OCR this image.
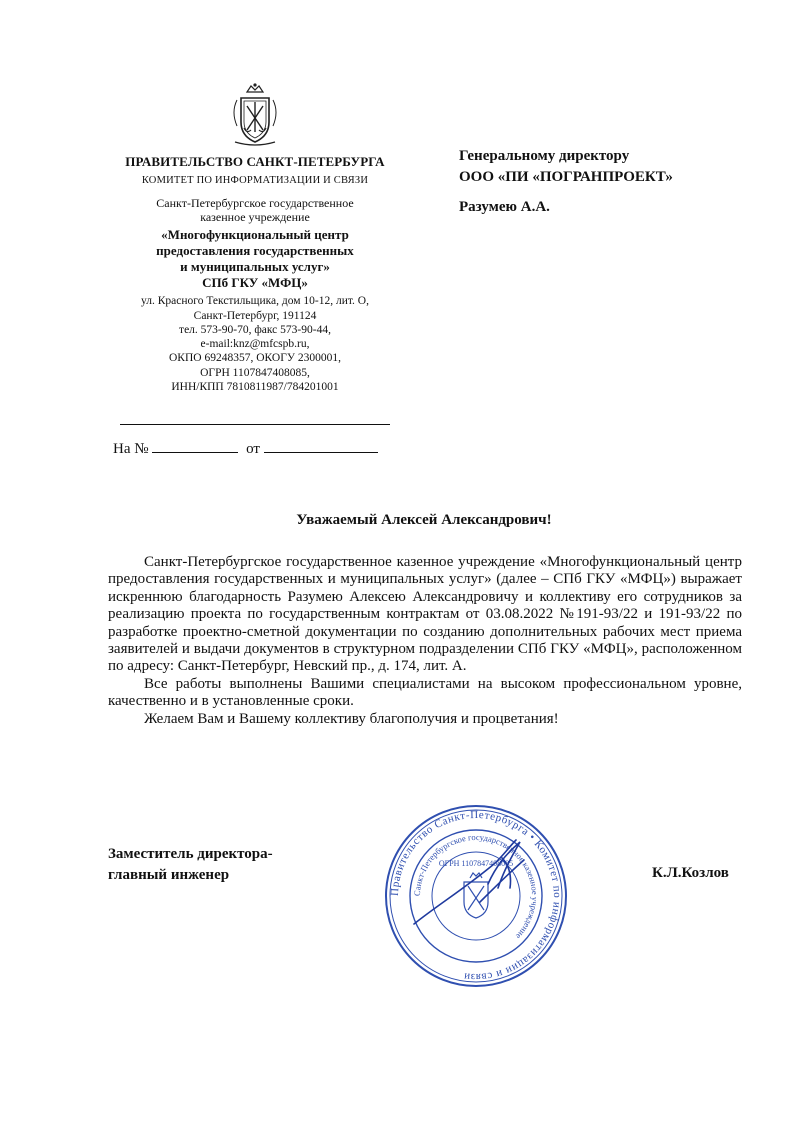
ПРАВИТЕЛЬСТВО САНКТ-ПЕТЕРБУРГА
КОМИТЕТ ПО ИНФОРМАТИЗАЦИИ И СВЯЗИ
Санкт-Петербургское государственное
казенное учреждение
«Многофункциональный центр
предоставления государственных
и муниципальных услуг»
СПб ГКУ «МФЦ»
ул. Красного Текстильщика, дом 10-12, лит. О,
Санкт-Петербург, 191124
тел. 573-90-70, факс 573-90-44,
e-mail:knz@mfcspb.ru,
ОКПО 69248357, ОКОГУ 2300001,
ОГРН 1107847408085,
ИНН/КПП 7810811987/784201001
На №	от
Генеральному директору
ООО «ПИ «ПОГРАНПРОЕКТ»
Разумею А.А.
Уважаемый Алексей Александрович!

Санкт-Петербургское государственное казенное учреждение «Многофункциональный центр предоставления государственных и муниципальных услуг» (далее – СПб ГКУ «МФЦ») выражает искреннюю благодарность Разумею Алексею Александровичу и коллективу его сотрудников за реализацию проекта по государственным контрактам от 03.08.2022 №191-93/22 и 191-93/22 по разработке проектно-сметной документации по созданию дополнительных рабочих мест приема заявителей и выдачи документов в структурном подразделении СПб ГКУ «МФЦ», расположенном по адресу: Санкт-Петербург, Невский пр., д. 174, лит. А.

Все работы выполнены Вашими специалистами на высоком профессиональном уровне, качественно и в установленные сроки.

Желаем Вам и Вашему коллективу благополучия и процветания!

Заместитель директора-
главный инженер	К.Л.Козлов
Правительство Санкт-Петербурга • Комитет по информатизации и связи
Санкт-Петербургское государственное казенное учреждение
ОГРН 1107847408085
